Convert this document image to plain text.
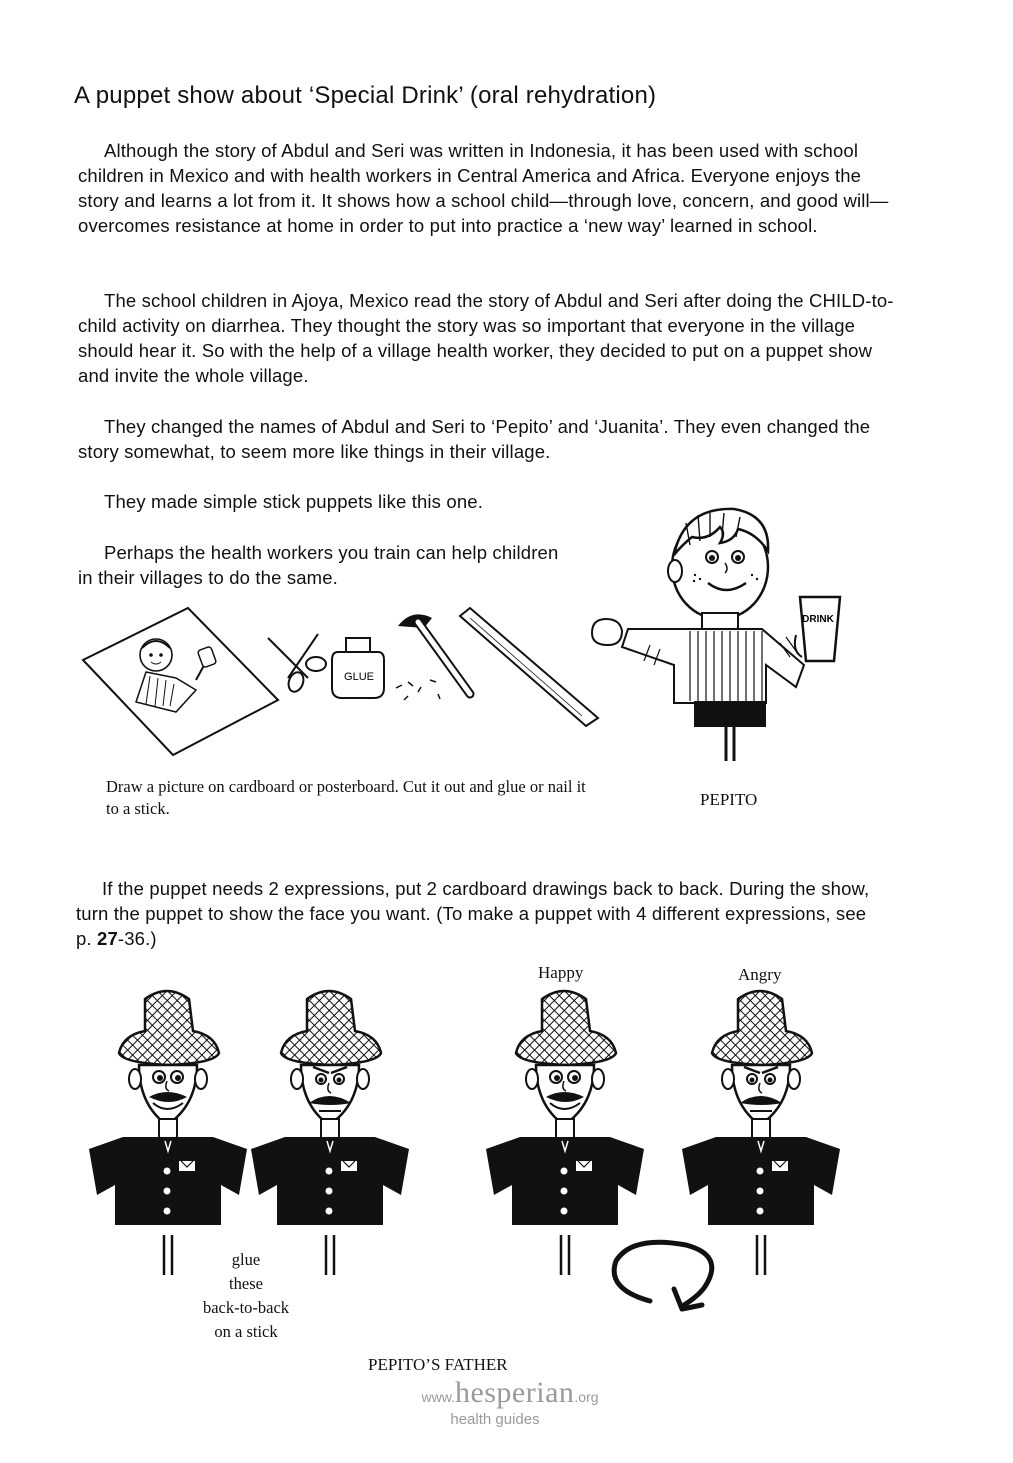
A puppet show about ‘Special Drink’ (oral rehydration)

Although the story of Abdul and Seri was written in Indonesia, it has been used with school children in Mexico and with health workers in Central America and Africa. Everyone enjoys the story and learns a lot from it. It shows how a school child—through love, concern, and good will—overcomes resistance at home in order to put into practice a ‘new way’ learned in school.

The school children in Ajoya, Mexico read the story of Abdul and Seri after doing the CHILD-to-child activity on diarrhea. They thought the story was so important that everyone in the village should hear it. So with the help of a village health worker, they decided to put on a puppet show and invite the whole village.

They changed the names of Abdul and Seri to ‘Pepito’ and ‘Juanita’. They even changed the story somewhat, to seem more like things in their village.

They made simple stick puppets like this one.

Perhaps the health workers you train can help children in their villages to do the same.

GLUE
DRINK
Draw a picture on cardboard or posterboard. Cut it out and glue or nail it to a stick.	PEPITO

If the puppet needs 2 expressions, put 2 cardboard drawings back to back. During the show, turn the puppet to show the face you want. (To make a puppet with 4 different expressions, see p. 27-36.)

Happy	Angry
glue
these
back-to-back
on a stick
PEPITO’S FATHER
www.hesperian.org
health guides
